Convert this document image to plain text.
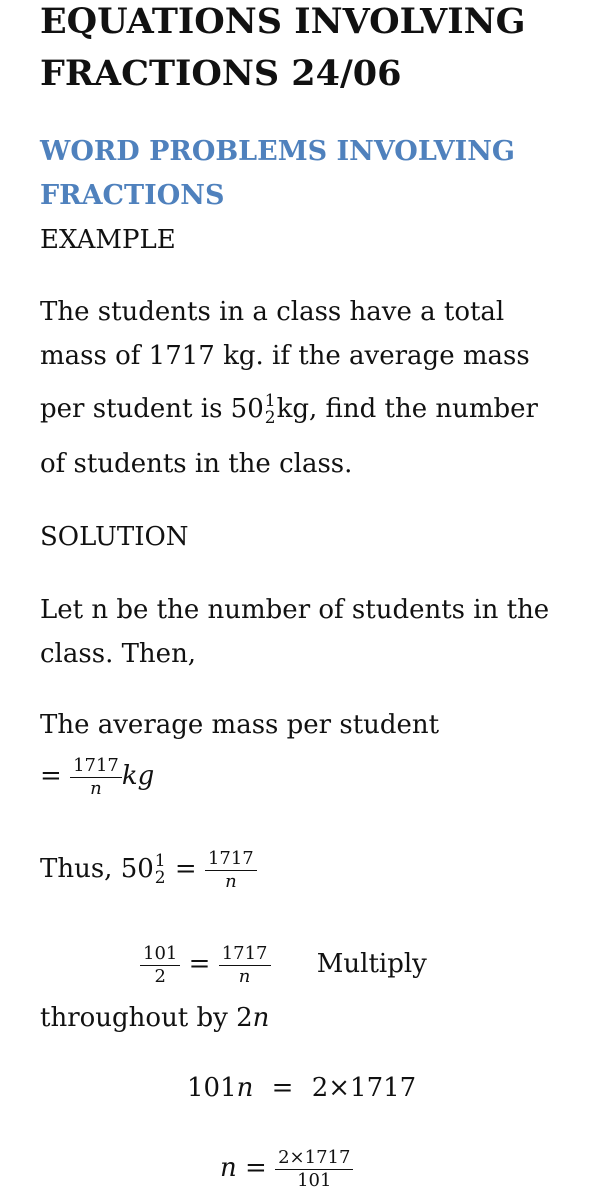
EQUATIONS INVOLVING
FRACTIONS 24/06
WORD PROBLEMS INVOLVING
FRACTIONS
EXAMPLE
The students in a class have a total
mass of 1717 kg. if the average mass
per student is 50 1
2 kg, find the number
of students in the class.
SOLUTION
Let n be the number of students in the
class. Then,
The average mass per student
= $\frac{1717}{n}$ kg
Thus, 50 1
$2 = \frac{1717}{n}$
$\frac{101}{2} = \frac{1717}{n}$ Multiply
throughout by 2n
101n = 2×1717
$n = \frac{2\times 1717}{101}$
